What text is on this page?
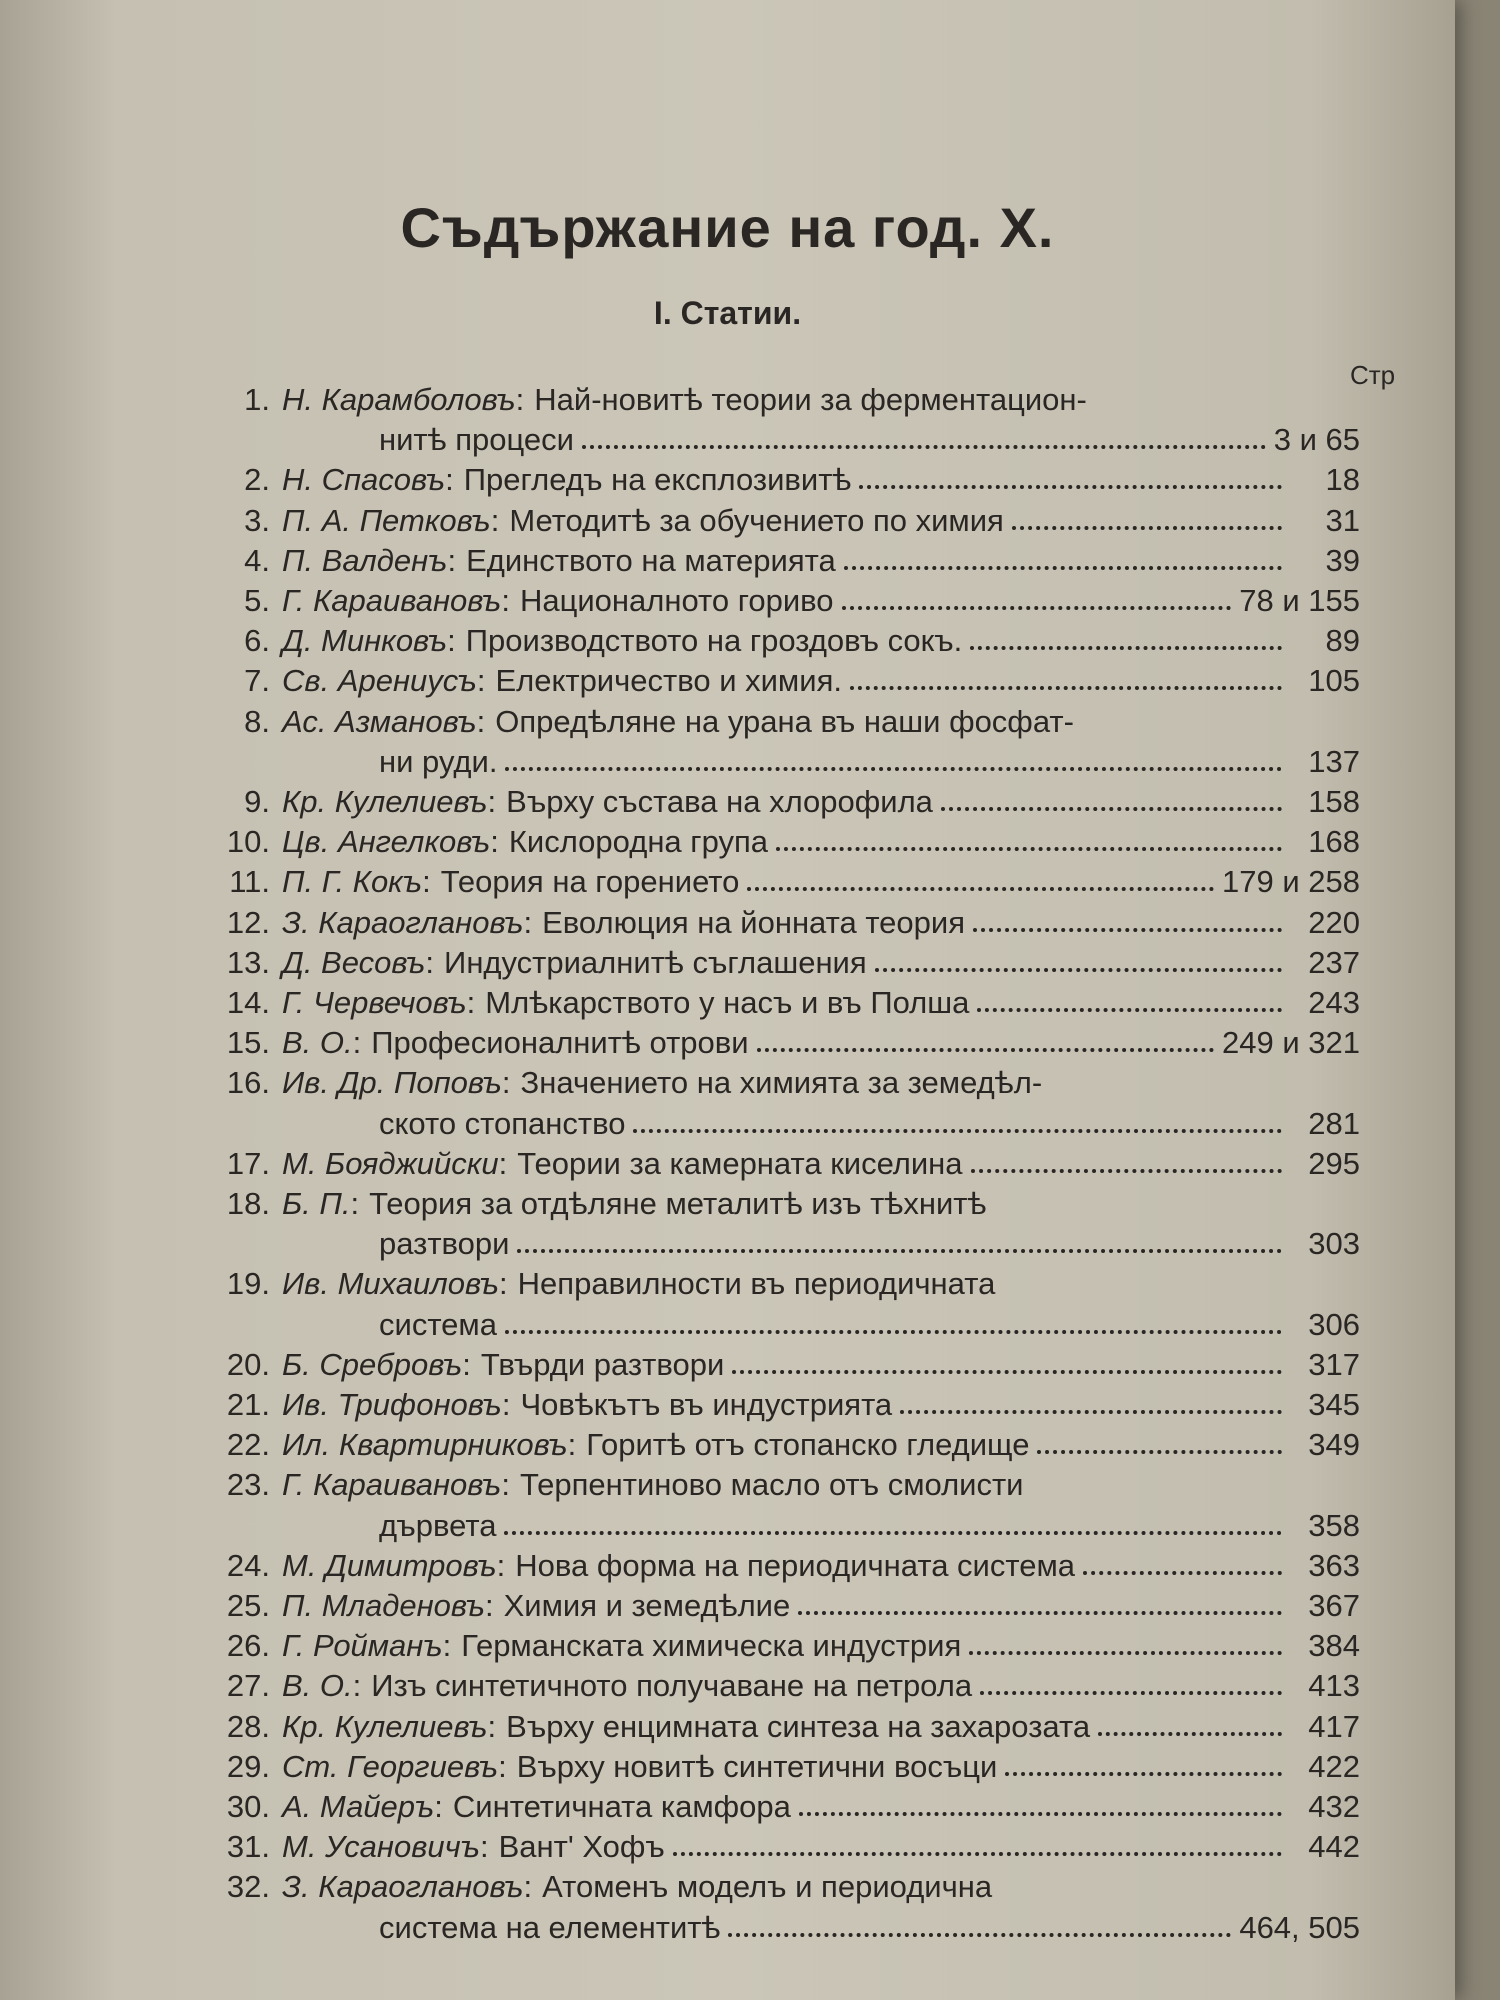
Съдържание на год. Х.
I. Статии.
Стр
1. Н. Карамболовъ : Най-новитѣ теории за ферментацион-
нитѣ процеси	3 и 65
2. Н. Спасовъ : Прегледъ на експлозивитѣ	18
3. П. А. Петковъ : Методитѣ за обучението по химия	31
4. П. Валденъ : Единството на материята	39
5. Г. Караивановъ : Националното гориво	78 и 155
6. Д. Минковъ : Производството на гроздовъ сокъ.	89
7. Св. Арениусъ : Електричество и химия.	105
8. Ас. Азмановъ : Опредѣляне на урана въ наши фосфат-
ни руди.	137
9. Кр. Кулелиевъ : Върху състава на хлорофила	158
10. Цв. Ангелковъ : Кислородна група	168
11. П. Г. Кокъ : Теория на горението	179 и 258
12. З. Караоглановъ : Еволюция на йонната теория	220
13. Д. Весовъ : Индустриалнитѣ съглашения	237
14. Г. Червечовъ : Млѣкарството у насъ и въ Полша	243
15. В. О. : Професионалнитѣ отрови	249 и 321
16. Ив. Др. Поповъ : Значението на химията за земедѣл-
ското стопанство	281
17. М. Бояджийски : Теории за камерната киселина	295
18. Б. П. : Теория за отдѣляне металитѣ изъ тѣхнитѣ
разтвори	303
19. Ив. Михаиловъ : Неправилности въ периодичната
система	306
20. Б. Сребровъ : Твърди разтвори	317
21. Ив. Трифоновъ : Човѣкътъ въ индустрията	345
22. Ил. Квартирниковъ : Горитѣ отъ стопанско гледище	349
23. Г. Караивановъ : Терпентиново масло отъ смолисти
дървета	358
24. М. Димитровъ : Нова форма на периодичната система	363
25. П. Младеновъ : Химия и земедѣлие	367
26. Г. Ройманъ : Германската химическа индустрия	384
27. В. О. : Изъ синтетичното получаване на петрола	413
28. Кр. Кулелиевъ : Върху енцимната синтеза на захарозата	417
29. Ст. Георгиевъ : Върху новитѣ синтетични восъци	422
30. А. Майеръ : Синтетичната камфора	432
31. М. Усановичъ : Вант' Хофъ	442
32. З. Караоглановъ : Атоменъ моделъ и периодична
система на елементитѣ	464, 505
